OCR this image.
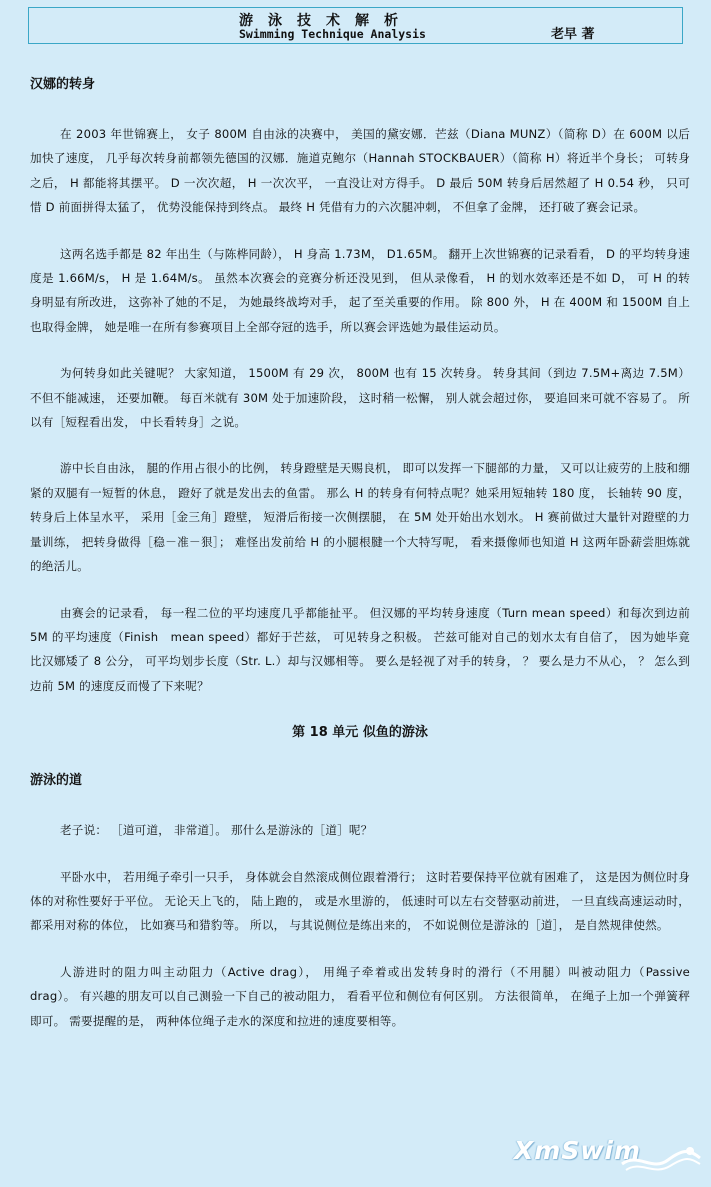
游泳技术解析
Swimming Technique Analysis	老早 著
汉娜的转身

在 2003 年世锦赛上， 女子 800M 自由泳的决赛中， 美国的黛安娜．芒兹（Diana MUNZ）（简称 D）在 600M 以后加快了速度， 几乎每次转身前都领先德国的汉娜．施道克鲍尔（Hannah STOCKBAUER）（简称 H）将近半个身长； 可转身之后， H 都能将其摆平。 D 一次次超， H 一次次平， 一直没让对方得手。 D 最后 50M 转身后居然超了 H 0.54 秒， 只可惜 D 前面拼得太猛了， 优势没能保持到终点。 最终 H 凭借有力的六次腿冲刺， 不但拿了金牌， 还打破了赛会记录。

这两名选手都是 82 年出生（与陈桦同龄）， H 身高 1.73M， D1.65M。 翻开上次世锦赛的记录看看， D 的平均转身速度是 1.66M/s， H 是 1.64M/s。 虽然本次赛会的竞赛分析还没见到， 但从录像看， H 的划水效率还是不如 D， 可 H 的转身明显有所改进， 这弥补了她的不足， 为她最终战垮对手， 起了至关重要的作用。 除 800 外， H 在 400M 和 1500M 自上也取得金牌， 她是唯一在所有参赛项目上全部夺冠的选手，所以赛会评选她为最佳运动员。

为何转身如此关键呢？ 大家知道， 1500M 有 29 次， 800M 也有 15 次转身。 转身其间（到边 7.5M+离边 7.5M）不但不能减速， 还要加鞭。 每百米就有 30M 处于加速阶段， 这时稍一松懈， 别人就会超过你， 要追回来可就不容易了。 所以有［短程看出发， 中长看转身］之说。

游中长自由泳， 腿的作用占很小的比例， 转身蹬壁是天赐良机， 即可以发挥一下腿部的力量， 又可以让疲劳的上肢和绷紧的双腿有一短暂的休息， 蹬好了就是发出去的鱼雷。 那么 H 的转身有何特点呢？她采用短轴转 180 度， 长轴转 90 度， 转身后上体呈水平， 采用［金三角］蹬壁， 短滑后衔接一次侧摆腿， 在 5M 处开始出水划水。 H 赛前做过大量针对蹬壁的力量训练， 把转身做得［稳－准－狠］； 难怪出发前给 H 的小腿根腱一个大特写呢， 看来摄像师也知道 H 这两年卧薪尝胆炼就的绝活儿。

由赛会的记录看， 每一程二位的平均速度几乎都能扯平。 但汉娜的平均转身速度（Turn mean speed）和每次到边前 5M 的平均速度（Finish　mean speed）都好于芒兹， 可见转身之积极。 芒兹可能对自己的划水太有自信了， 因为她毕竟比汉娜矮了 8 公分， 可平均划步长度（Str. L.）却与汉娜相等。 要么是轻视了对手的转身， ？ 要么是力不从心， ？ 怎么到边前 5M 的速度反而慢了下来呢？

第 18 单元 似鱼的游泳
游泳的道

老子说： ［道可道， 非常道］。 那什么是游泳的［道］呢？

平卧水中， 若用绳子牵引一只手， 身体就会自然滚成侧位跟着滑行； 这时若要保持平位就有困难了， 这是因为侧位时身体的对称性要好于平位。 无论天上飞的， 陆上跑的， 或是水里游的， 低速时可以左右交替驱动前进， 一旦直线高速运动时， 都采用对称的体位， 比如赛马和猎豹等。 所以， 与其说侧位是练出来的， 不如说侧位是游泳的［道］， 是自然规律使然。

人游进时的阻力叫主动阻力（Active drag）， 用绳子牵着或出发转身时的滑行（不用腿）叫被动阻力（Passive drag）。 有兴趣的朋友可以自己测验一下自己的被动阻力， 看看平位和侧位有何区别。 方法很简单， 在绳子上加一个弹簧秤即可。 需要提醒的是， 两种体位绳子走水的深度和拉进的速度要相等。

XmSwim
